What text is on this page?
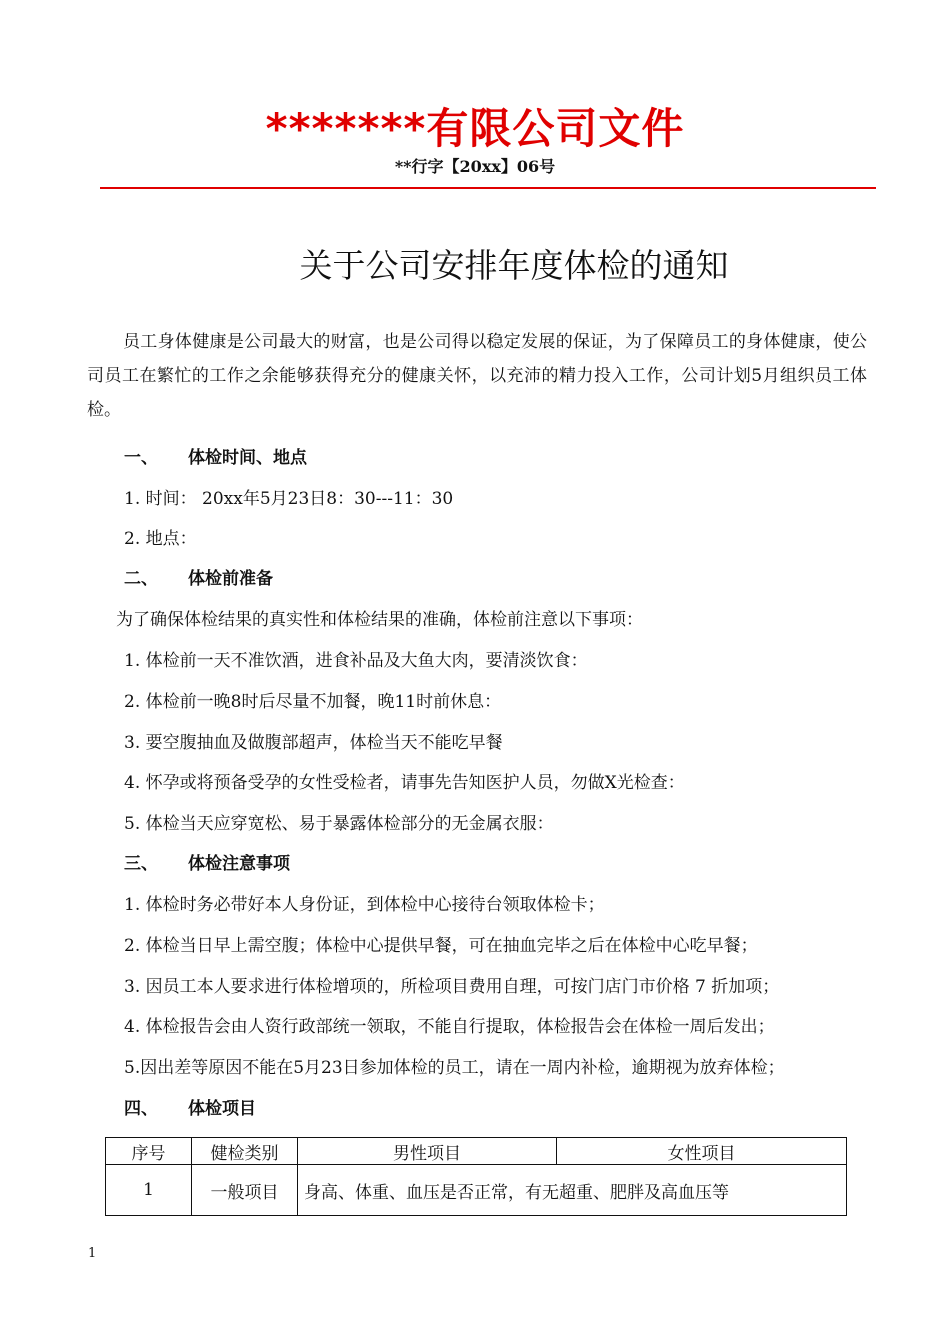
*******有限公司文件
**行字【20xx】06号
关于公司安排年度体检的通知
员工身体健康是公司最大的财富，也是公司得以稳定发展的保证，为了保障员工的身体健康，使公司员工在繁忙的工作之余能够获得充分的健康关怀，以充沛的精力投入工作，公司计划5月组织员工体检。
一、 体检时间、地点
1. 时间： 20xx年5月23日8：30---11：30
2. 地点：
二、 体检前准备
为了确保体检结果的真实性和体检结果的准确，体检前注意以下事项：
1. 体检前一天不准饮酒，进食补品及大鱼大肉，要清淡饮食：
2. 体检前一晚8时后尽量不加餐，晚11时前休息：
3. 要空腹抽血及做腹部超声，体检当天不能吃早餐
4. 怀孕或将预备受孕的女性受检者，请事先告知医护人员，勿做X光检查：
5. 体检当天应穿宽松、易于暴露体检部分的无金属衣服：
三、 体检注意事项
1. 体检时务必带好本人身份证，到体检中心接待台领取体检卡；
2. 体检当日早上需空腹；体检中心提供早餐，可在抽血完毕之后在体检中心吃早餐；
3. 因员工本人要求进行体检增项的，所检项目费用自理，可按门店门市价格 7 折加项；
4. 体检报告会由人资行政部统一领取，不能自行提取，体检报告会在体检一周后发出；
5.因出差等原因不能在5月23日参加体检的员工，请在一周内补检，逾期视为放弃体检；
四、 体检项目
序号	健检类别	男性项目	女性项目
1	一般项目	身高、体重、血压是否正常，有无超重、肥胖及高血压等	
1
